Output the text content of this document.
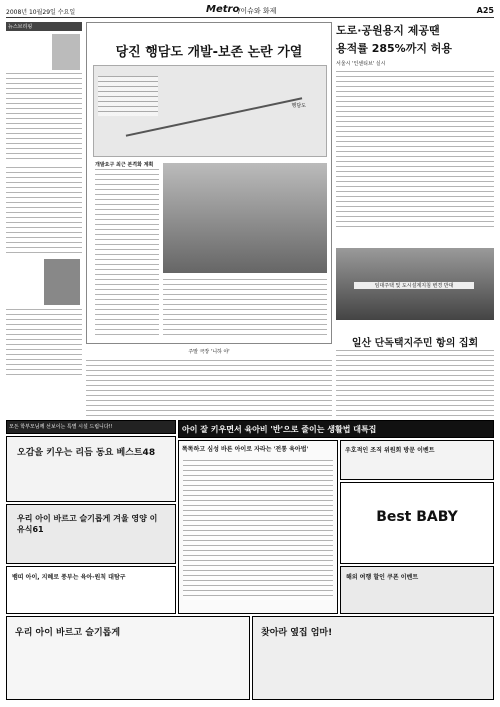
2008년 10월29일 수요일	Metro
/이슈와 화제	A25
뉴스브리핑
당진 행담도 개발-보존 논란 가열
행담도
개발요구 최근 본격화 계획
도로·공원용지 제공땐
용적률 285%까지 허용
서울시 '인센티브' 실시
임대주택 및 도시설계지침 변경 반대
일산 단독택지주민 항의 집회
주말 극장 '니하 야'
모든 학부모님께 선보이는 특별 시설 드립니다!!	아이 잘 키우면서 육아비 '반'으로 줄이는 생활법 대특집
오감을 키우는 리듬 동요 베스트48
우리 아이 바르고 슬기롭게 겨울 영양 이유식61
뱀띠 아이, 지혜로 풍부는 육아·원칙 대탐구
똑똑하고 심성 바른 아이로 자라는 '전통 육아법'	우호적인 조직 위원회 방문 이벤트
Best BABY
해외 여행 할인 쿠폰 이벤트
우리 아이 바르고 슬기롭게	찾아라 옆집 엄마!
